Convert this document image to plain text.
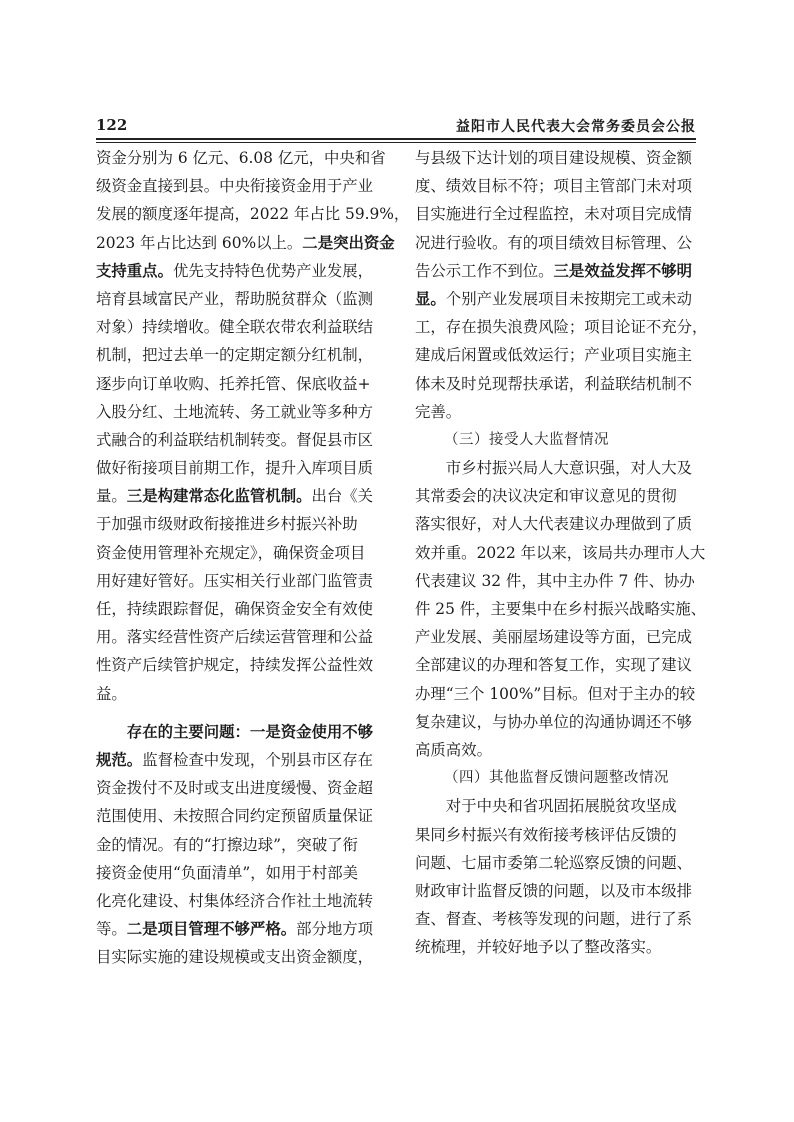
122	益阳市人民代表大会常务委员会公报
资金分别为 6 亿元、6.08 亿元，中央和省
级资金直接到县。中央衔接资金用于产业
发展的额度逐年提高，2022 年占比 59.9%，
2023 年占比达到 60%以上。二是突出资金
支持重点。优先支持特色优势产业发展，
培育县域富民产业，帮助脱贫群众（监测
对象）持续增收。健全联农带农利益联结
机制，把过去单一的定期定额分红机制，
逐步向订单收购、托养托管、保底收益+
入股分红、土地流转、务工就业等多种方
式融合的利益联结机制转变。督促县市区
做好衔接项目前期工作，提升入库项目质
量。三是构建常态化监管机制。出台《关
于加强市级财政衔接推进乡村振兴补助
资金使用管理补充规定》，确保资金项目
用好建好管好。压实相关行业部门监管责
任，持续跟踪督促，确保资金安全有效使
用。落实经营性资产后续运营管理和公益
性资产后续管护规定，持续发挥公益性效
益。
存在的主要问题：一是资金使用不够
规范。监督检查中发现，个别县市区存在
资金拨付不及时或支出进度缓慢、资金超
范围使用、未按照合同约定预留质量保证
金的情况。有的“打擦边球”，突破了衔
接资金使用“负面清单”，如用于村部美
化亮化建设、村集体经济合作社土地流转
等。二是项目管理不够严格。部分地方项
目实际实施的建设规模或支出资金额度，
与县级下达计划的项目建设规模、资金额
度、绩效目标不符；项目主管部门未对项
目实施进行全过程监控，未对项目完成情
况进行验收。有的项目绩效目标管理、公
告公示工作不到位。三是效益发挥不够明
显。个别产业发展项目未按期完工或未动
工，存在损失浪费风险；项目论证不充分，
建成后闲置或低效运行；产业项目实施主
体未及时兑现帮扶承诺，利益联结机制不
完善。
（三）接受人大监督情况
市乡村振兴局人大意识强，对人大及
其常委会的决议决定和审议意见的贯彻
落实很好，对人大代表建议办理做到了质
效并重。2022 年以来，该局共办理市人大
代表建议 32 件，其中主办件 7 件、协办
件 25 件，主要集中在乡村振兴战略实施、
产业发展、美丽屋场建设等方面，已完成
全部建议的办理和答复工作，实现了建议
办理“三个 100%”目标。但对于主办的较
复杂建议，与协办单位的沟通协调还不够
高质高效。
（四）其他监督反馈问题整改情况
对于中央和省巩固拓展脱贫攻坚成
果同乡村振兴有效衔接考核评估反馈的
问题、七届市委第二轮巡察反馈的问题、
财政审计监督反馈的问题，以及市本级排
查、督查、考核等发现的问题，进行了系
统梳理，并较好地予以了整改落实。
